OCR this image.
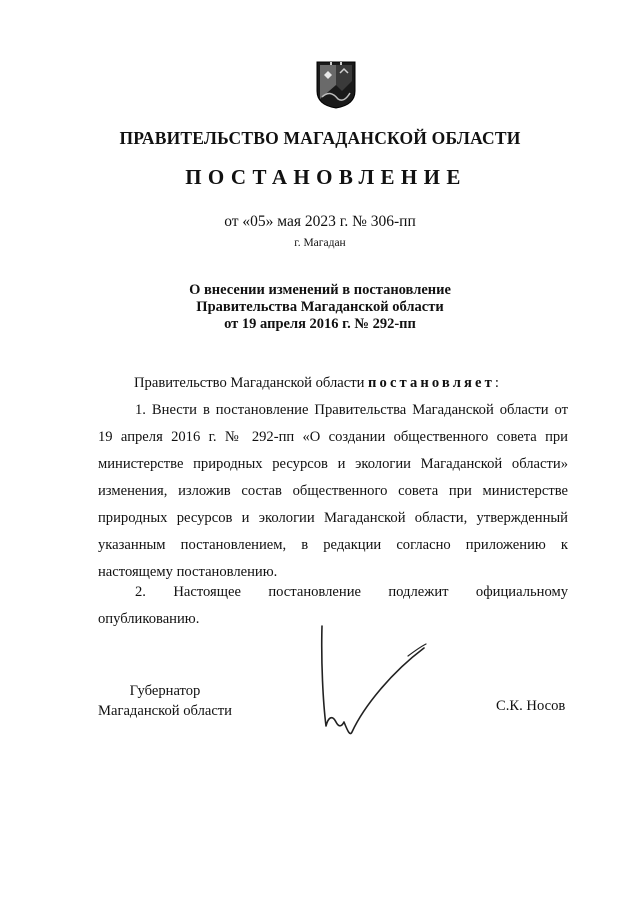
ПРАВИТЕЛЬСТВО МАГАДАНСКОЙ ОБЛАСТИ
ПОСТАНОВЛЕНИЕ
от «05» мая 2023 г. № 306-пп
г. Магадан
О внесении изменений в постановление
Правительства Магаданской области
от 19 апреля 2016 г. № 292-пп
Правительство Магаданской области постановляет:
1. Внести в постановление Правительства Магаданской области от 19 апреля 2016 г. № 292-пп «О создании общественного совета при министерстве природных ресурсов и экологии Магаданской области» изменения, изложив состав общественного совета при министерстве природных ресурсов и экологии Магаданской области, утвержденный указанным постановлением, в редакции согласно приложению к настоящему постановлению.
2. Настоящее постановление подлежит официальному опубликованию.
Губернатор
Магаданской области	С.К. Носов
